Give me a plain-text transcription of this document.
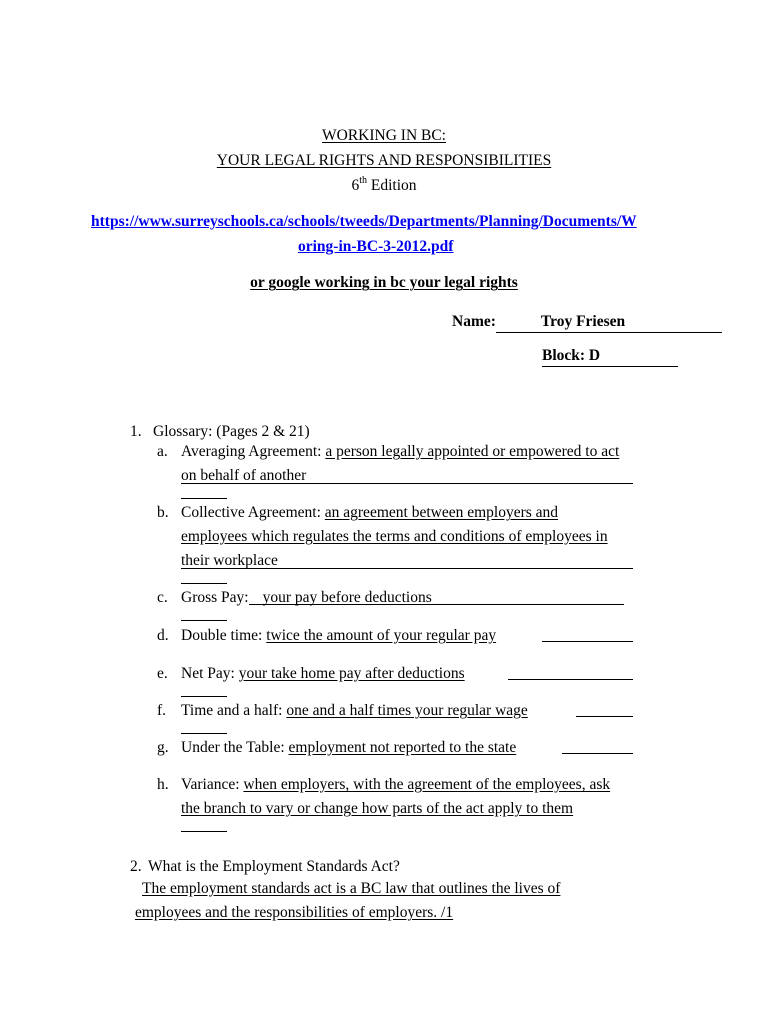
WORKING IN BC:
YOUR LEGAL RIGHTS AND RESPONSIBILITIES
6th Edition
https://www.surreyschools.ca/schools/tweeds/Departments/Planning/Documents/W
oring-in-BC-3-2012.pdf
or google working in bc your legal rights
Name:	Troy Friesen
Block: D
1. Glossary: (Pages 2 & 21)
a. Averaging Agreement: a person legally appointed or empowered to act
on behalf of another
b. Collective Agreement: an agreement between employers and
employees which regulates the terms and conditions of employees in
their workplace
c. Gross Pay: your pay before deductions
d. Double time: twice the amount of your regular pay
e. Net Pay: your take home pay after deductions
f. Time and a half: one and a half times your regular wage
g. Under the Table: employment not reported to the state
h. Variance: when employers, with the agreement of the employees, ask
the branch to vary or change how parts of the act apply to them
2. What is the Employment Standards Act?
The employment standards act is a BC law that outlines the lives of
employees and the responsibilities of employers. /1
